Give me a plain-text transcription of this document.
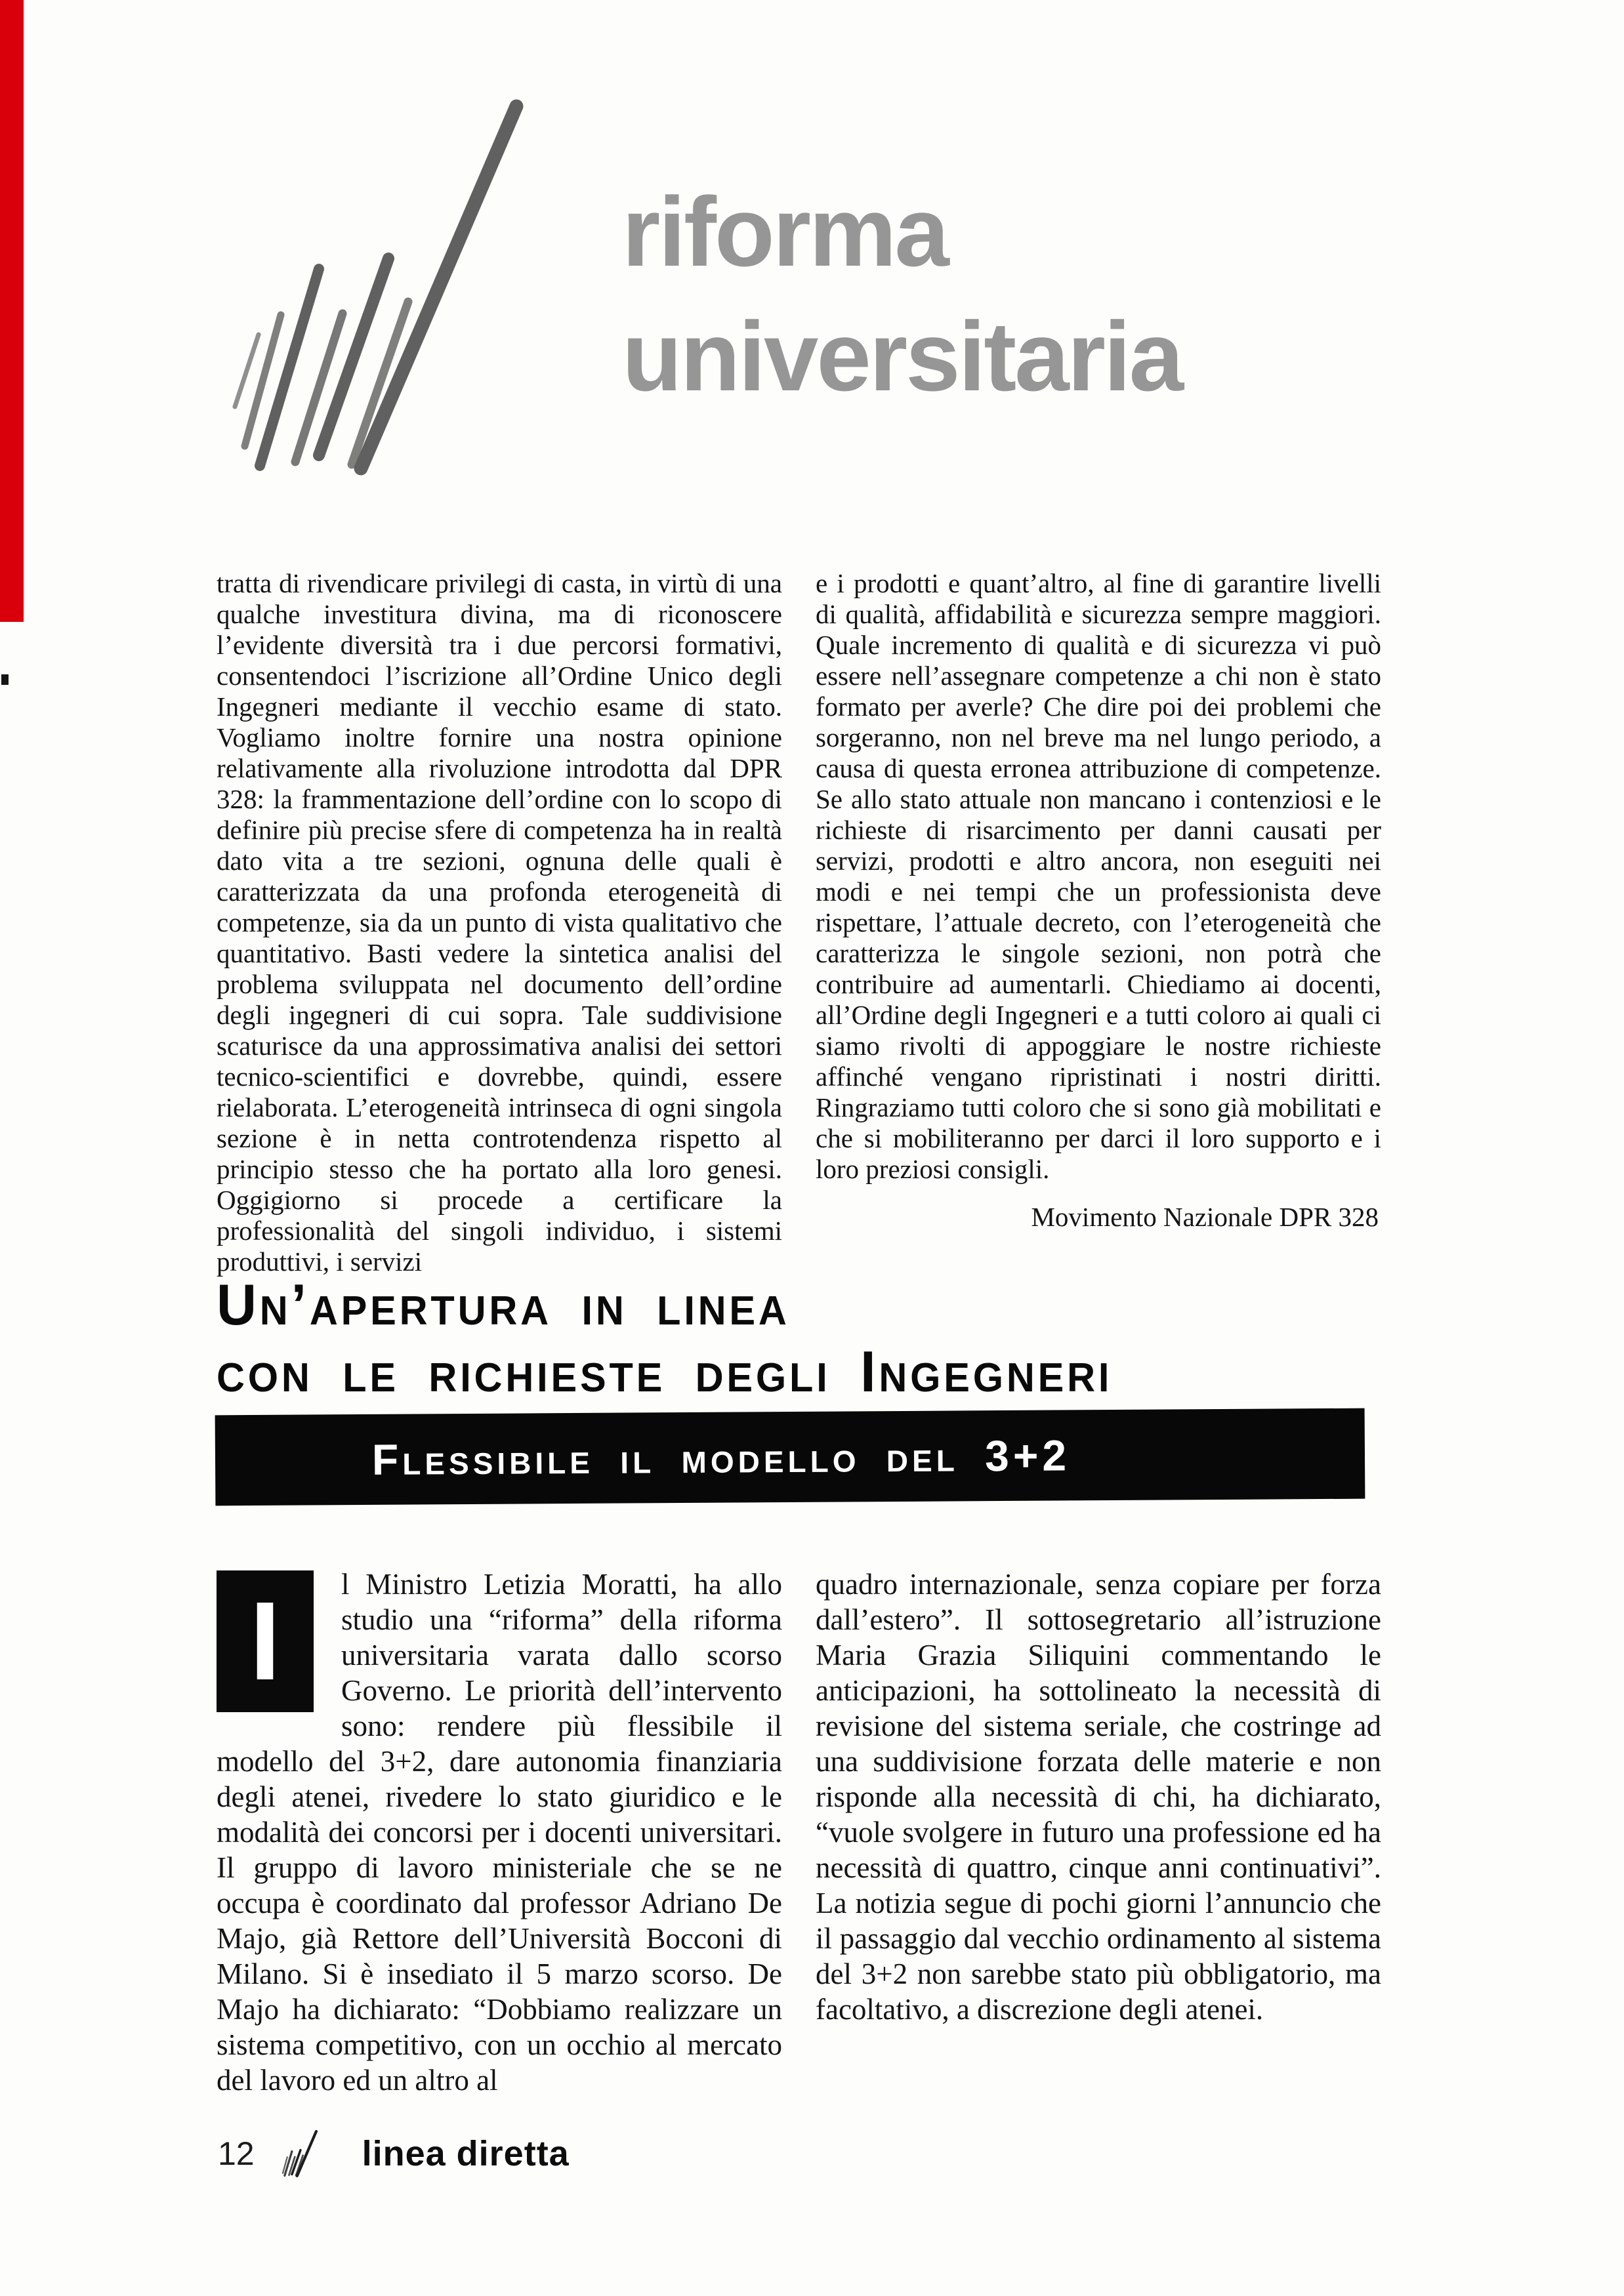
riforma
universitaria
tratta di rivendicare privilegi di casta, in virtù di una qualche investitura divina, ma di riconoscere l’evidente diversità tra i due percorsi formativi, consentendoci l’iscrizione all’Ordine Unico degli Ingegneri mediante il vecchio esame di stato. Vogliamo inoltre fornire una nostra opinione relativamente alla rivoluzione introdotta dal DPR 328: la frammentazione dell’ordine con lo scopo di definire più precise sfere di competenza ha in realtà dato vita a tre sezioni, ognuna delle quali è caratterizzata da una profonda eterogeneità di competenze, sia da un punto di vista qualitativo che quantitativo. Basti vedere la sintetica analisi del problema sviluppata nel documento dell’ordine degli ingegneri di cui sopra. Tale suddivisione scaturisce da una approssimativa analisi dei settori tecnico-scientifici e dovrebbe, quindi, essere rielaborata. L’eterogeneità intrinseca di ogni singola sezione è in netta controtendenza rispetto al principio stesso che ha portato alla loro genesi. Oggigiorno si procede a certificare la professionalità del singoli individuo, i sistemi produttivi, i servizi
e i prodotti e quant’altro, al fine di garantire livelli di qualità, affidabilità e sicurezza sempre maggiori. Quale incremento di qualità e di sicurezza vi può essere nell’assegnare competenze a chi non è stato formato per averle? Che dire poi dei problemi che sorgeranno, non nel breve ma nel lungo periodo, a causa di questa erronea attribuzione di competenze. Se allo stato attuale non mancano i contenziosi e le richieste di risarcimento per danni causati per servizi, prodotti e altro ancora, non eseguiti nei modi e nei tempi che un professionista deve rispettare, l’attuale decreto, con l’eterogeneità che caratterizza le singole sezioni, non potrà che contribuire ad aumentarli. Chiediamo ai docenti, all’Ordine degli Ingegneri e a tutti coloro ai quali ci siamo rivolti di appoggiare le nostre richieste affinché vengano ripristinati i nostri diritti. Ringraziamo tutti coloro che si sono già mobilitati e che si mobiliteranno per darci il loro supporto e i loro preziosi consigli.
Movimento Nazionale DPR 328
Un’apertura in linea
con le richieste degli Ingegneri
Flessibile il modello del 3+2
I	l Ministro Letizia Moratti, ha allo studio una “riforma” della riforma universitaria varata dallo scorso Governo. Le priorità dell’intervento sono: rendere più flessibile il modello del 3+2, dare autonomia finanziaria degli atenei, rivedere lo stato giuridico e le modalità dei concorsi per i docenti universitari. Il gruppo di lavoro ministeriale che se ne occupa è coordinato dal professor Adriano De Majo, già Rettore dell’Università Bocconi di Milano. Si è insediato il 5 marzo scorso. De Majo ha dichiarato: “Dobbiamo realizzare un sistema competitivo, con un occhio al mercato del lavoro ed un altro al
quadro internazionale, senza copiare per forza dall’estero”. Il sottosegretario all’istruzione Maria Grazia Siliquini commentando le anticipazioni, ha sottolineato la necessità di revisione del sistema seriale, che costringe ad una suddivisione forzata delle materie e non risponde alla necessità di chi, ha dichiarato, “vuole svolgere in futuro una professione ed ha necessità di quattro, cinque anni continuativi”. La notizia segue di pochi giorni l’annuncio che il passaggio dal vecchio ordinamento al sistema del 3+2 non sarebbe stato più obbligatorio, ma facoltativo, a discrezione degli atenei.
12	linea diretta
